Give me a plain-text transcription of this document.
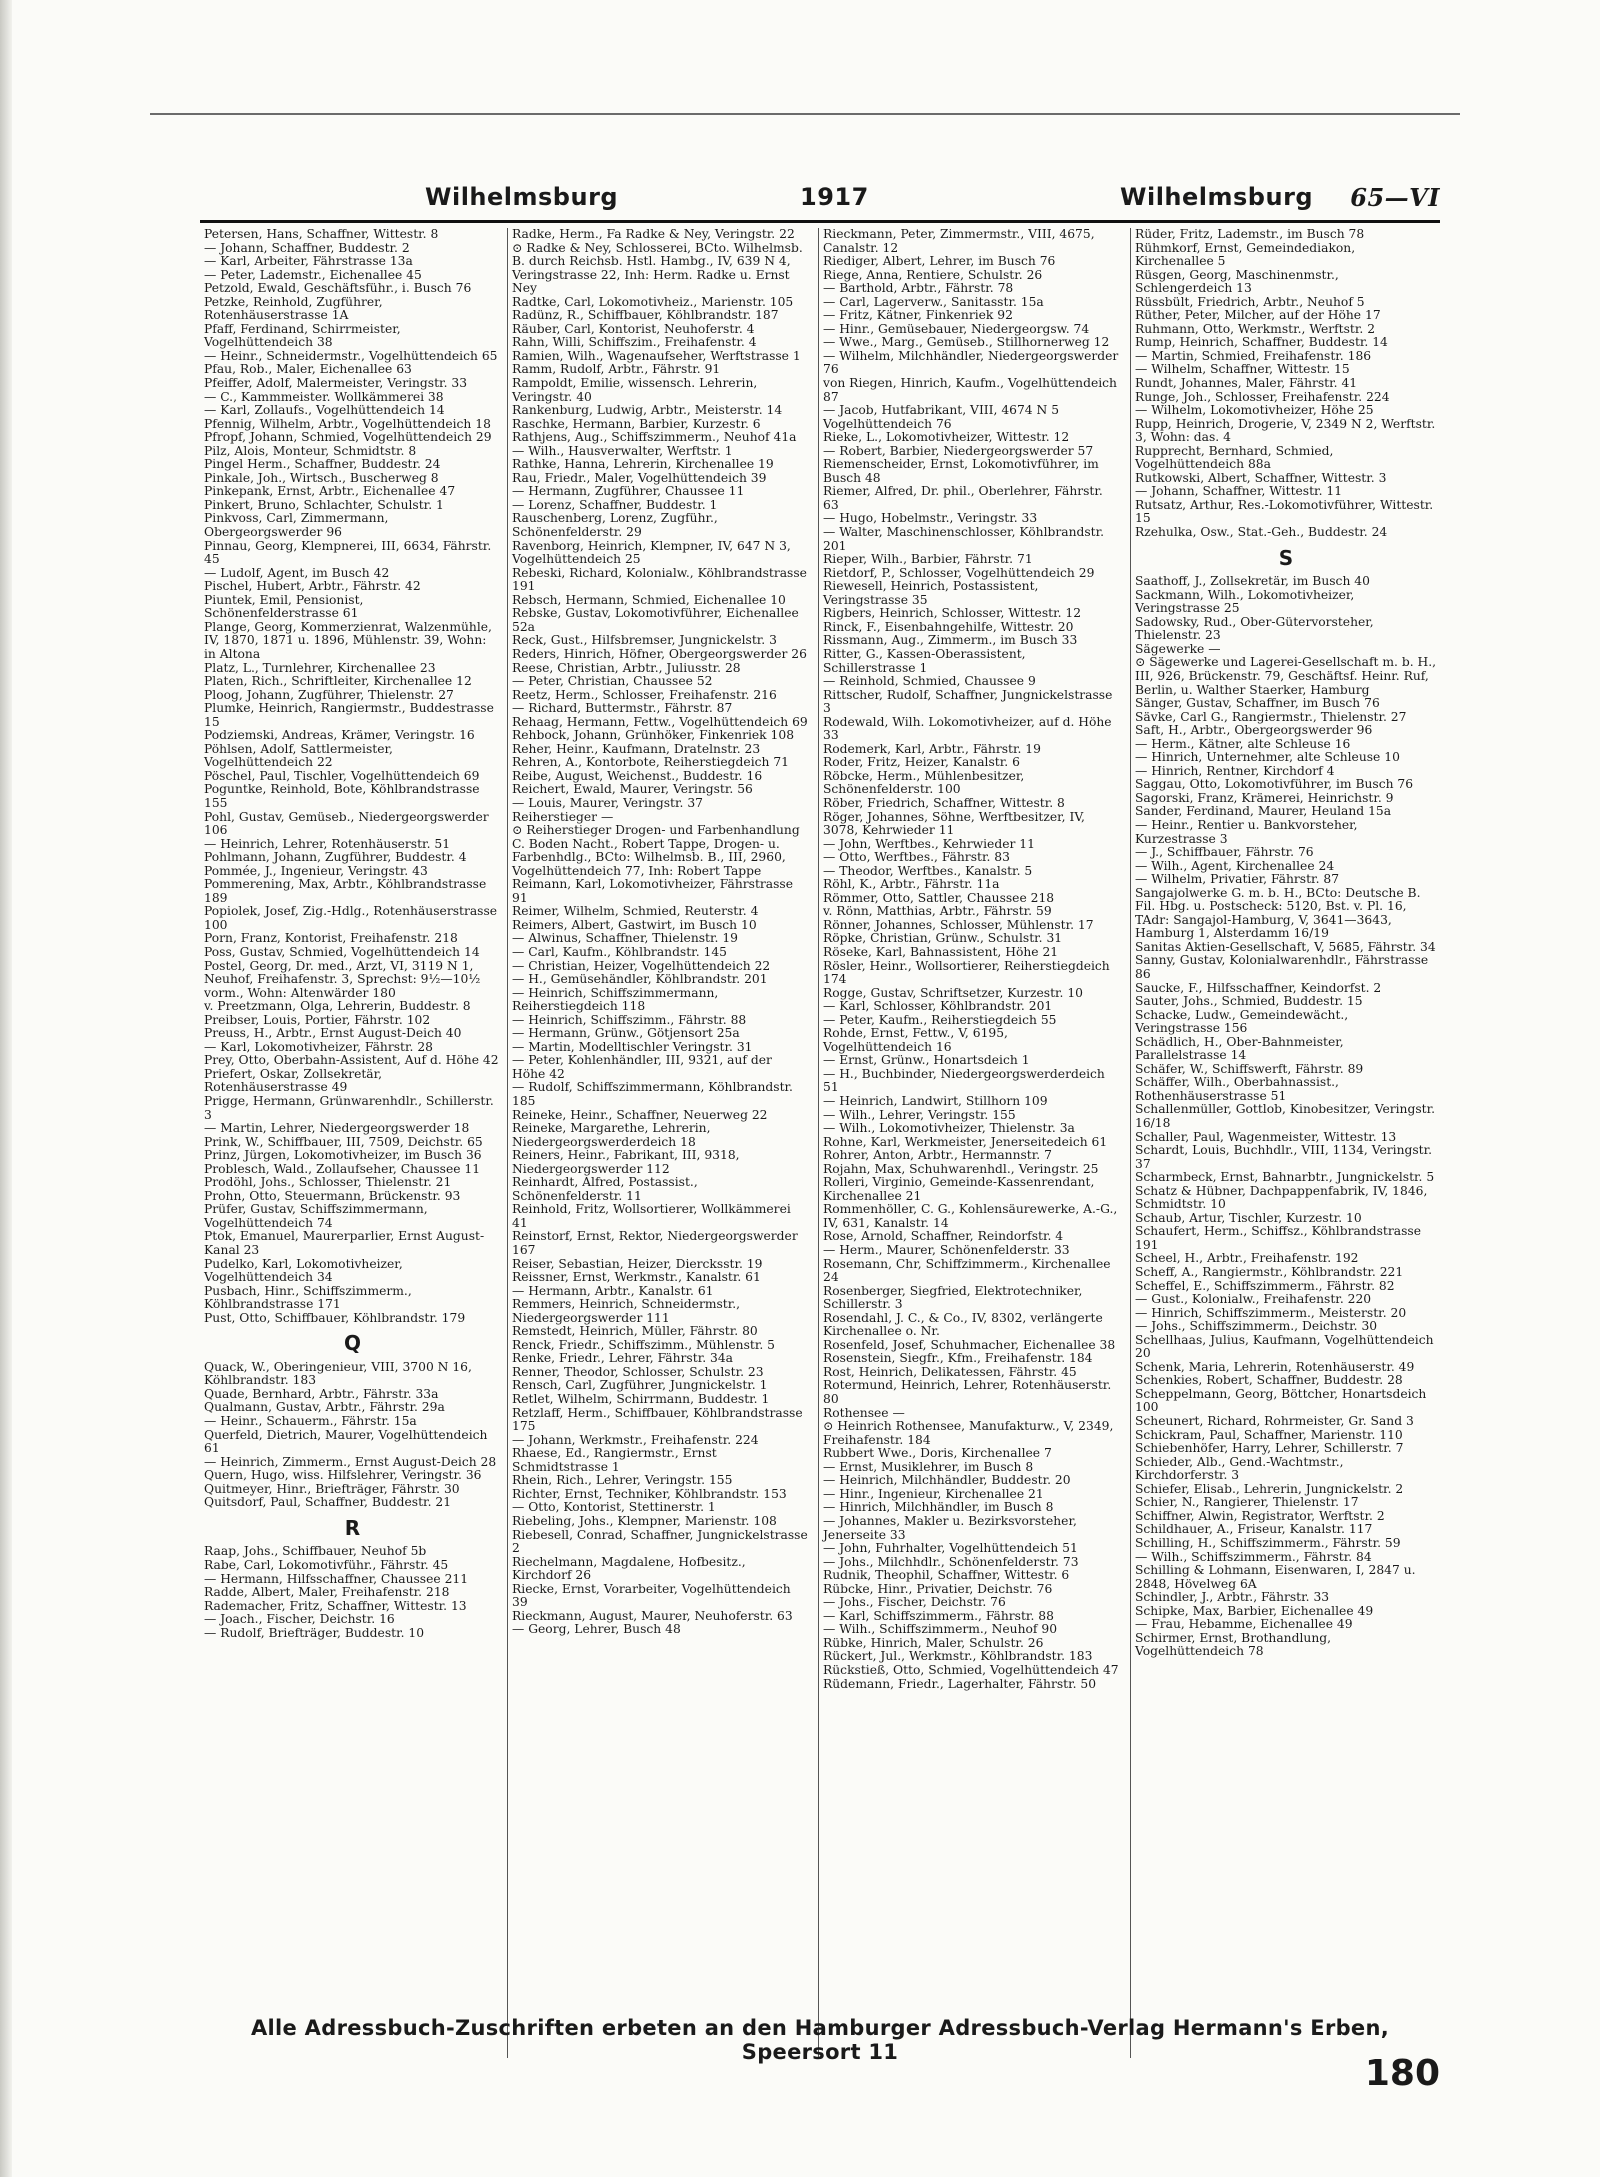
Wilhelmsburg	1917	Wilhelmsburg 65—VI
Petersen, Hans, Schaffner, Wittestr. 8
— Johann, Schaffner, Buddestr. 2
— Karl, Arbeiter, Fährstrasse 13a
— Peter, Lademstr., Eichenallee 45
Petzold, Ewald, Geschäftsführ., i. Busch 76
Petzke, Reinhold, Zugführer, Rotenhäuserstrasse 1A
Pfaff, Ferdinand, Schirrmeister, Vogelhüttendeich 38
— Heinr., Schneidermstr., Vogelhüttendeich 65
Pfau, Rob., Maler, Eichenallee 63
Pfeiffer, Adolf, Malermeister, Veringstr. 33
— C., Kammmeister. Wollkämmerei 38
— Karl, Zollaufs., Vogelhüttendeich 14
Pfennig, Wilhelm, Arbtr., Vogelhüttendeich 18
Pfropf, Johann, Schmied, Vogelhüttendeich 29
Pilz, Alois, Monteur, Schmidtstr. 8
Pingel Herm., Schaffner, Buddestr. 24
Pinkale, Joh., Wirtsch., Buscherweg 8
Pinkepank, Ernst, Arbtr., Eichenallee 47
Pinkert, Bruno, Schlachter, Schulstr. 1
Pinkvoss, Carl, Zimmermann, Obergeorgswerder 96
Pinnau, Georg, Klempnerei, III, 6634, Fährstr. 45
— Ludolf, Agent, im Busch 42
Pischel, Hubert, Arbtr., Fährstr. 42
Piuntek, Emil, Pensionist, Schönenfelderstrasse 61
Plange, Georg, Kommerzienrat, Walzenmühle, IV, 1870, 1871 u. 1896, Mühlenstr. 39, Wohn: in Altona
Platz, L., Turnlehrer, Kirchenallee 23
Platen, Rich., Schriftleiter, Kirchenallee 12
Ploog, Johann, Zugführer, Thielenstr. 27
Plumke, Heinrich, Rangiermstr., Buddestrasse 15
Podziemski, Andreas, Krämer, Veringstr. 16
Pöhlsen, Adolf, Sattlermeister, Vogelhüttendeich 22
Pöschel, Paul, Tischler, Vogelhüttendeich 69
Poguntke, Reinhold, Bote, Köhlbrandstrasse 155
Pohl, Gustav, Gemüseb., Niedergeorgswerder 106
— Heinrich, Lehrer, Rotenhäuserstr. 51
Pohlmann, Johann, Zugführer, Buddestr. 4
Pommée, J., Ingenieur, Veringstr. 43
Pommerening, Max, Arbtr., Köhlbrandstrasse 189
Popiolek, Josef, Zig.-Hdlg., Rotenhäuserstrasse 100
Porn, Franz, Kontorist, Freihafenstr. 218
Poss, Gustav, Schmied, Vogelhüttendeich 14
Postel, Georg, Dr. med., Arzt, VI, 3119 N 1, Neuhof, Freihafenstr. 3, Sprechst: 9½—10½ vorm., Wohn: Altenwärder 180
v. Preetzmann, Olga, Lehrerin, Buddestr. 8
Preibser, Louis, Portier, Fährstr. 102
Preuss, H., Arbtr., Ernst August-Deich 40
— Karl, Lokomotivheizer, Fährstr. 28
Prey, Otto, Oberbahn-Assistent, Auf d. Höhe 42
Priefert, Oskar, Zollsekretär, Rotenhäuserstrasse 49
Prigge, Hermann, Grünwarenhdlr., Schillerstr. 3
— Martin, Lehrer, Niedergeorgswerder 18
Prink, W., Schiffbauer, III, 7509, Deichstr. 65
Prinz, Jürgen, Lokomotivheizer, im Busch 36
Problesch, Wald., Zollaufseher, Chaussee 11
Prodöhl, Johs., Schlosser, Thielenstr. 21
Prohn, Otto, Steuermann, Brückenstr. 93
Prüfer, Gustav, Schiffszimmermann, Vogelhüttendeich 74
Ptok, Emanuel, Maurerparlier, Ernst August-Kanal 23
Pudelko, Karl, Lokomotivheizer, Vogelhüttendeich 34
Pusbach, Hinr., Schiffszimmerm., Köhlbrandstrasse 171
Pust, Otto, Schiffbauer, Köhlbrandstr. 179
Q
Quack, W., Oberingenieur, VIII, 3700 N 16, Köhlbrandstr. 183
Quade, Bernhard, Arbtr., Fährstr. 33a
Qualmann, Gustav, Arbtr., Fährstr. 29a
— Heinr., Schauerm., Fährstr. 15a
Querfeld, Dietrich, Maurer, Vogelhüttendeich 61
— Heinrich, Zimmerm., Ernst August-Deich 28
Quern, Hugo, wiss. Hilfslehrer, Veringstr. 36
Quitmeyer, Hinr., Briefträger, Fährstr. 30
Quitsdorf, Paul, Schaffner, Buddestr. 21
R
Raap, Johs., Schiffbauer, Neuhof 5b
Rabe, Carl, Lokomotivführ., Fährstr. 45
— Hermann, Hilfsschaffner, Chaussee 211
Radde, Albert, Maler, Freihafenstr. 218
Rademacher, Fritz, Schaffner, Wittestr. 13
— Joach., Fischer, Deichstr. 16
— Rudolf, Briefträger, Buddestr. 10
Radke, Herm., Fa Radke & Ney, Veringstr. 22
⊙ Radke & Ney, Schlosserei, BCto. Wilhelmsb. B. durch Reichsb. Hstl. Hambg., IV, 639 N 4, Veringstrasse 22, Inh: Herm. Radke u. Ernst Ney
Radtke, Carl, Lokomotivheiz., Marienstr. 105
Radünz, R., Schiffbauer, Köhlbrandstr. 187
Räuber, Carl, Kontorist, Neuhoferstr. 4
Rahn, Willi, Schiffszim., Freihafenstr. 4
Ramien, Wilh., Wagenaufseher, Werftstrasse 1
Ramm, Rudolf, Arbtr., Fährstr. 91
Rampoldt, Emilie, wissensch. Lehrerin, Veringstr. 40
Rankenburg, Ludwig, Arbtr., Meisterstr. 14
Raschke, Hermann, Barbier, Kurzestr. 6
Rathjens, Aug., Schiffszimmerm., Neuhof 41a
— Wilh., Hausverwalter, Werftstr. 1
Rathke, Hanna, Lehrerin, Kirchenallee 19
Rau, Friedr., Maler, Vogelhüttendeich 39
— Hermann, Zugführer, Chaussee 11
— Lorenz, Schaffner, Buddestr. 1
Rauschenberg, Lorenz, Zugführ., Schönenfelderstr. 29
Ravenborg, Heinrich, Klempner, IV, 647 N 3, Vogelhüttendeich 25
Rebeski, Richard, Kolonialw., Köhlbrandstrasse 191
Rebsch, Hermann, Schmied, Eichenallee 10
Rebske, Gustav, Lokomotivführer, Eichenallee 52a
Reck, Gust., Hilfsbremser, Jungnickelstr. 3
Reders, Hinrich, Höfner, Obergeorgswerder 26
Reese, Christian, Arbtr., Juliusstr. 28
— Peter, Christian, Chaussee 52
Reetz, Herm., Schlosser, Freihafenstr. 216
— Richard, Buttermstr., Fährstr. 87
Rehaag, Hermann, Fettw., Vogelhüttendeich 69
Rehbock, Johann, Grünhöker, Finkenriek 108
Reher, Heinr., Kaufmann, Dratelnstr. 23
Rehren, A., Kontorbote, Reiherstiegdeich 71
Reibe, August, Weichenst., Buddestr. 16
Reichert, Ewald, Maurer, Veringstr. 56
— Louis, Maurer, Veringstr. 37
Reiherstieger —
⊙ Reiherstieger Drogen- und Farbenhandlung C. Boden Nacht., Robert Tappe, Drogen- u. Farbenhdlg., BCto: Wilhelmsb. B., III, 2960, Vogelhüttendeich 77, Inh: Robert Tappe
Reimann, Karl, Lokomotivheizer, Fährstrasse 91
Reimer, Wilhelm, Schmied, Reuterstr. 4
Reimers, Albert, Gastwirt, im Busch 10
— Alwinus, Schaffner, Thielenstr. 19
— Carl, Kaufm., Köhlbrandstr. 145
— Christian, Heizer, Vogelhüttendeich 22
— H., Gemüsehändler, Köhlbrandstr. 201
— Heinrich, Schiffszimmermann, Reiherstiegdeich 118
— Heinrich, Schiffszimm., Fährstr. 88
— Hermann, Grünw., Götjensort 25a
— Martin, Modelltischler Veringstr. 31
— Peter, Kohlenhändler, III, 9321, auf der Höhe 42
— Rudolf, Schiffszimmermann, Köhlbrandstr. 185
Reineke, Heinr., Schaffner, Neuerweg 22
Reineke, Margarethe, Lehrerin, Niedergeorgswerderdeich 18
Reiners, Heinr., Fabrikant, III, 9318, Niedergeorgswerder 112
Reinhardt, Alfred, Postassist., Schönenfelderstr. 11
Reinhold, Fritz, Wollsortierer, Wollkämmerei 41
Reinstorf, Ernst, Rektor, Niedergeorgswerder 167
Reiser, Sebastian, Heizer, Diercksstr. 19
Reissner, Ernst, Werkmstr., Kanalstr. 61
— Hermann, Arbtr., Kanalstr. 61
Remmers, Heinrich, Schneidermstr., Niedergeorgswerder 111
Remstedt, Heinrich, Müller, Fährstr. 80
Renck, Friedr., Schiffszimm., Mühlenstr. 5
Renke, Friedr., Lehrer, Fährstr. 34a
Renner, Theodor, Schlosser, Schulstr. 23
Rensch, Carl, Zugführer, Jungnickelstr. 1
Retlet, Wilhelm, Schirrmann, Buddestr. 1
Retzlaff, Herm., Schiffbauer, Köhlbrandstrasse 175
— Johann, Werkmstr., Freihafenstr. 224
Rhaese, Ed., Rangiermstr., Ernst Schmidtstrasse 1
Rhein, Rich., Lehrer, Veringstr. 155
Richter, Ernst, Techniker, Köhlbrandstr. 153
— Otto, Kontorist, Stettinerstr. 1
Riebeling, Johs., Klempner, Marienstr. 108
Riebesell, Conrad, Schaffner, Jungnickelstrasse 2
Riechelmann, Magdalene, Hofbesitz., Kirchdorf 26
Riecke, Ernst, Vorarbeiter, Vogelhüttendeich 39
Rieckmann, August, Maurer, Neuhoferstr. 63
— Georg, Lehrer, Busch 48
Rieckmann, Peter, Zimmermstr., VIII, 4675, Canalstr. 12
Riediger, Albert, Lehrer, im Busch 76
Riege, Anna, Rentiere, Schulstr. 26
— Barthold, Arbtr., Fährstr. 78
— Carl, Lagerverw., Sanitasstr. 15a
— Fritz, Kätner, Finkenriek 92
— Hinr., Gemüsebauer, Niedergeorgsw. 74
— Wwe., Marg., Gemüseb., Stillhornerweg 12
— Wilhelm, Milchhändler, Niedergeorgswerder 76
von Riegen, Hinrich, Kaufm., Vogelhüttendeich 87
— Jacob, Hutfabrikant, VIII, 4674 N 5 Vogelhüttendeich 76
Rieke, L., Lokomotivheizer, Wittestr. 12
— Robert, Barbier, Niedergeorgswerder 57
Riemenscheider, Ernst, Lokomotivführer, im Busch 48
Riemer, Alfred, Dr. phil., Oberlehrer, Fährstr. 63
— Hugo, Hobelmstr., Veringstr. 33
— Walter, Maschinenschlosser, Köhlbrandstr. 201
Rieper, Wilh., Barbier, Fährstr. 71
Rietdorf, P., Schlosser, Vogelhüttendeich 29
Riewesell, Heinrich, Postassistent, Veringstrasse 35
Rigbers, Heinrich, Schlosser, Wittestr. 12
Rinck, F., Eisenbahngehilfe, Wittestr. 20
Rissmann, Aug., Zimmerm., im Busch 33
Ritter, G., Kassen-Oberassistent, Schillerstrasse 1
— Reinhold, Schmied, Chaussee 9
Rittscher, Rudolf, Schaffner, Jungnickelstrasse 3
Rodewald, Wilh. Lokomotivheizer, auf d. Höhe 33
Rodemerk, Karl, Arbtr., Fährstr. 19
Roder, Fritz, Heizer, Kanalstr. 6
Röbcke, Herm., Mühlenbesitzer, Schönenfelderstr. 100
Röber, Friedrich, Schaffner, Wittestr. 8
Röger, Johannes, Söhne, Werftbesitzer, IV, 3078, Kehrwieder 11
— John, Werftbes., Kehrwieder 11
— Otto, Werftbes., Fährstr. 83
— Theodor, Werftbes., Kanalstr. 5
Röhl, K., Arbtr., Fährstr. 11a
Römmer, Otto, Sattler, Chaussee 218
v. Rönn, Matthias, Arbtr., Fährstr. 59
Rönner, Johannes, Schlosser, Mühlenstr. 17
Röpke, Christian, Grünw., Schulstr. 31
Röseke, Karl, Bahnassistent, Höhe 21
Rösler, Heinr., Wollsortierer, Reiherstiegdeich 174
Rogge, Gustav, Schriftsetzer, Kurzestr. 10
— Karl, Schlosser, Köhlbrandstr. 201
— Peter, Kaufm., Reiherstiegdeich 55
Rohde, Ernst, Fettw., V, 6195, Vogelhüttendeich 16
— Ernst, Grünw., Honartsdeich 1
— H., Buchbinder, Niedergeorgswerderdeich 51
— Heinrich, Landwirt, Stillhorn 109
— Wilh., Lehrer, Veringstr. 155
— Wilh., Lokomotivheizer, Thielenstr. 3a
Rohne, Karl, Werkmeister, Jenerseitedeich 61
Rohrer, Anton, Arbtr., Hermannstr. 7
Rojahn, Max, Schuhwarenhdl., Veringstr. 25
Rolleri, Virginio, Gemeinde-Kassenrendant, Kirchenallee 21
Rommenhöller, C. G., Kohlensäurewerke, A.-G., IV, 631, Kanalstr. 14
Rose, Arnold, Schaffner, Reindorfstr. 4
— Herm., Maurer, Schönenfelderstr. 33
Rosemann, Chr, Schiffzimmerm., Kirchenallee 24
Rosenberger, Siegfried, Elektrotechniker, Schillerstr. 3
Rosendahl, J. C., & Co., IV, 8302, verlängerte Kirchenallee o. Nr.
Rosenfeld, Josef, Schuhmacher, Eichenallee 38
Rosenstein, Siegfr., Kfm., Freihafenstr. 184
Rost, Heinrich, Delikatessen, Fährstr. 45
Rotermund, Heinrich, Lehrer, Rotenhäuserstr. 80
Rothensee —
⊙ Heinrich Rothensee, Manufakturw., V, 2349, Freihafenstr. 184
Rubbert Wwe., Doris, Kirchenallee 7
— Ernst, Musiklehrer, im Busch 8
— Heinrich, Milchhändler, Buddestr. 20
— Hinr., Ingenieur, Kirchenallee 21
— Hinrich, Milchhändler, im Busch 8
— Johannes, Makler u. Bezirksvorsteher, Jenerseite 33
— John, Fuhrhalter, Vogelhüttendeich 51
— Johs., Milchhdlr., Schönenfelderstr. 73
Rudnik, Theophil, Schaffner, Wittestr. 6
Rübcke, Hinr., Privatier, Deichstr. 76
— Johs., Fischer, Deichstr. 76
— Karl, Schiffszimmerm., Fährstr. 88
— Wilh., Schiffszimmerm., Neuhof 90
Rübke, Hinrich, Maler, Schulstr. 26
Rückert, Jul., Werkmstr., Köhlbrandstr. 183
Rückstieß, Otto, Schmied, Vogelhüttendeich 47
Rüdemann, Friedr., Lagerhalter, Fährstr. 50
Rüder, Fritz, Lademstr., im Busch 78
Rühmkorf, Ernst, Gemeindediakon, Kirchenallee 5
Rüsgen, Georg, Maschinenmstr., Schlengerdeich 13
Rüssbült, Friedrich, Arbtr., Neuhof 5
Rüther, Peter, Milcher, auf der Höhe 17
Ruhmann, Otto, Werkmstr., Werftstr. 2
Rump, Heinrich, Schaffner, Buddestr. 14
— Martin, Schmied, Freihafenstr. 186
— Wilhelm, Schaffner, Wittestr. 15
Rundt, Johannes, Maler, Fährstr. 41
Runge, Joh., Schlosser, Freihafenstr. 224
— Wilhelm, Lokomotivheizer, Höhe 25
Rupp, Heinrich, Drogerie, V, 2349 N 2, Werftstr. 3, Wohn: das. 4
Rupprecht, Bernhard, Schmied, Vogelhüttendeich 88a
Rutkowski, Albert, Schaffner, Wittestr. 3
— Johann, Schaffner, Wittestr. 11
Rutsatz, Arthur, Res.-Lokomotivführer, Wittestr. 15
Rzehulka, Osw., Stat.-Geh., Buddestr. 24
S
Saathoff, J., Zollsekretär, im Busch 40
Sackmann, Wilh., Lokomotivheizer, Veringstrasse 25
Sadowsky, Rud., Ober-Gütervorsteher, Thielenstr. 23
Sägewerke —
⊙ Sägewerke und Lagerei-Gesellschaft m. b. H., III, 926, Brückenstr. 79, Geschäftsf. Heinr. Ruf, Berlin, u. Walther Staerker, Hamburg
Sänger, Gustav, Schaffner, im Busch 76
Sävke, Carl G., Rangiermstr., Thielenstr. 27
Saft, H., Arbtr., Obergeorgswerder 96
— Herm., Kätner, alte Schleuse 16
— Hinrich, Unternehmer, alte Schleuse 10
— Hinrich, Rentner, Kirchdorf 4
Saggau, Otto, Lokomotivführer, im Busch 76
Sagorski, Franz, Krämerei, Heinrichstr. 9
Sander, Ferdinand, Maurer, Heuland 15a
— Heinr., Rentier u. Bankvorsteher, Kurzestrasse 3
— J., Schiffbauer, Fährstr. 76
— Wilh., Agent, Kirchenallee 24
— Wilhelm, Privatier, Fährstr. 87
Sangajolwerke G. m. b. H., BCto: Deutsche B. Fil. Hbg. u. Postscheck: 5120, Bst. v. Pl. 16, TAdr: Sangajol-Hamburg, V, 3641—3643, Hamburg 1, Alsterdamm 16/19
Sanitas Aktien-Gesellschaft, V, 5685, Fährstr. 34
Sanny, Gustav, Kolonialwarenhdlr., Fährstrasse 86
Saucke, F., Hilfsschaffner, Keindorfst. 2
Sauter, Johs., Schmied, Buddestr. 15
Schacke, Ludw., Gemeindewächt., Veringstrasse 156
Schädlich, H., Ober-Bahnmeister, Parallelstrasse 14
Schäfer, W., Schiffswerft, Fährstr. 89
Schäffer, Wilh., Oberbahnassist., Rothenhäuserstrasse 51
Schallenmüller, Gottlob, Kinobesitzer, Veringstr. 16/18
Schaller, Paul, Wagenmeister, Wittestr. 13
Schardt, Louis, Buchhdlr., VIII, 1134, Veringstr. 37
Scharmbeck, Ernst, Bahnarbtr., Jungnickelstr. 5
Schatz & Hübner, Dachpappenfabrik, IV, 1846, Schmidtstr. 10
Schaub, Artur, Tischler, Kurzestr. 10
Schaufert, Herm., Schiffsz., Köhlbrandstrasse 191
Scheel, H., Arbtr., Freihafenstr. 192
Scheff, A., Rangiermstr., Köhlbrandstr. 221
Scheffel, E., Schiffszimmerm., Fährstr. 82
— Gust., Kolonialw., Freihafenstr. 220
— Hinrich, Schiffszimmerm., Meisterstr. 20
— Johs., Schiffszimmerm., Deichstr. 30
Schellhaas, Julius, Kaufmann, Vogelhüttendeich 20
Schenk, Maria, Lehrerin, Rotenhäuserstr. 49
Schenkies, Robert, Schaffner, Buddestr. 28
Scheppelmann, Georg, Böttcher, Honartsdeich 100
Scheunert, Richard, Rohrmeister, Gr. Sand 3
Schickram, Paul, Schaffner, Marienstr. 110
Schiebenhöfer, Harry, Lehrer, Schillerstr. 7
Schieder, Alb., Gend.-Wachtmstr., Kirchdorferstr. 3
Schiefer, Elisab., Lehrerin, Jungnickelstr. 2
Schier, N., Rangierer, Thielenstr. 17
Schiffner, Alwin, Registrator, Werftstr. 2
Schildhauer, A., Friseur, Kanalstr. 117
Schilling, H., Schiffszimmerm., Fährstr. 59
— Wilh., Schiffszimmerm., Fährstr. 84
Schilling & Lohmann, Eisenwaren, I, 2847 u. 2848, Hövelweg 6A
Schindler, J., Arbtr., Fährstr. 33
Schipke, Max, Barbier, Eichenallee 49
— Frau, Hebamme, Eichenallee 49
Schirmer, Ernst, Brothandlung, Vogelhüttendeich 78
Alle Adressbuch-Zuschriften erbeten an den Hamburger Adressbuch-Verlag Hermann's Erben, Speersort 11
180
